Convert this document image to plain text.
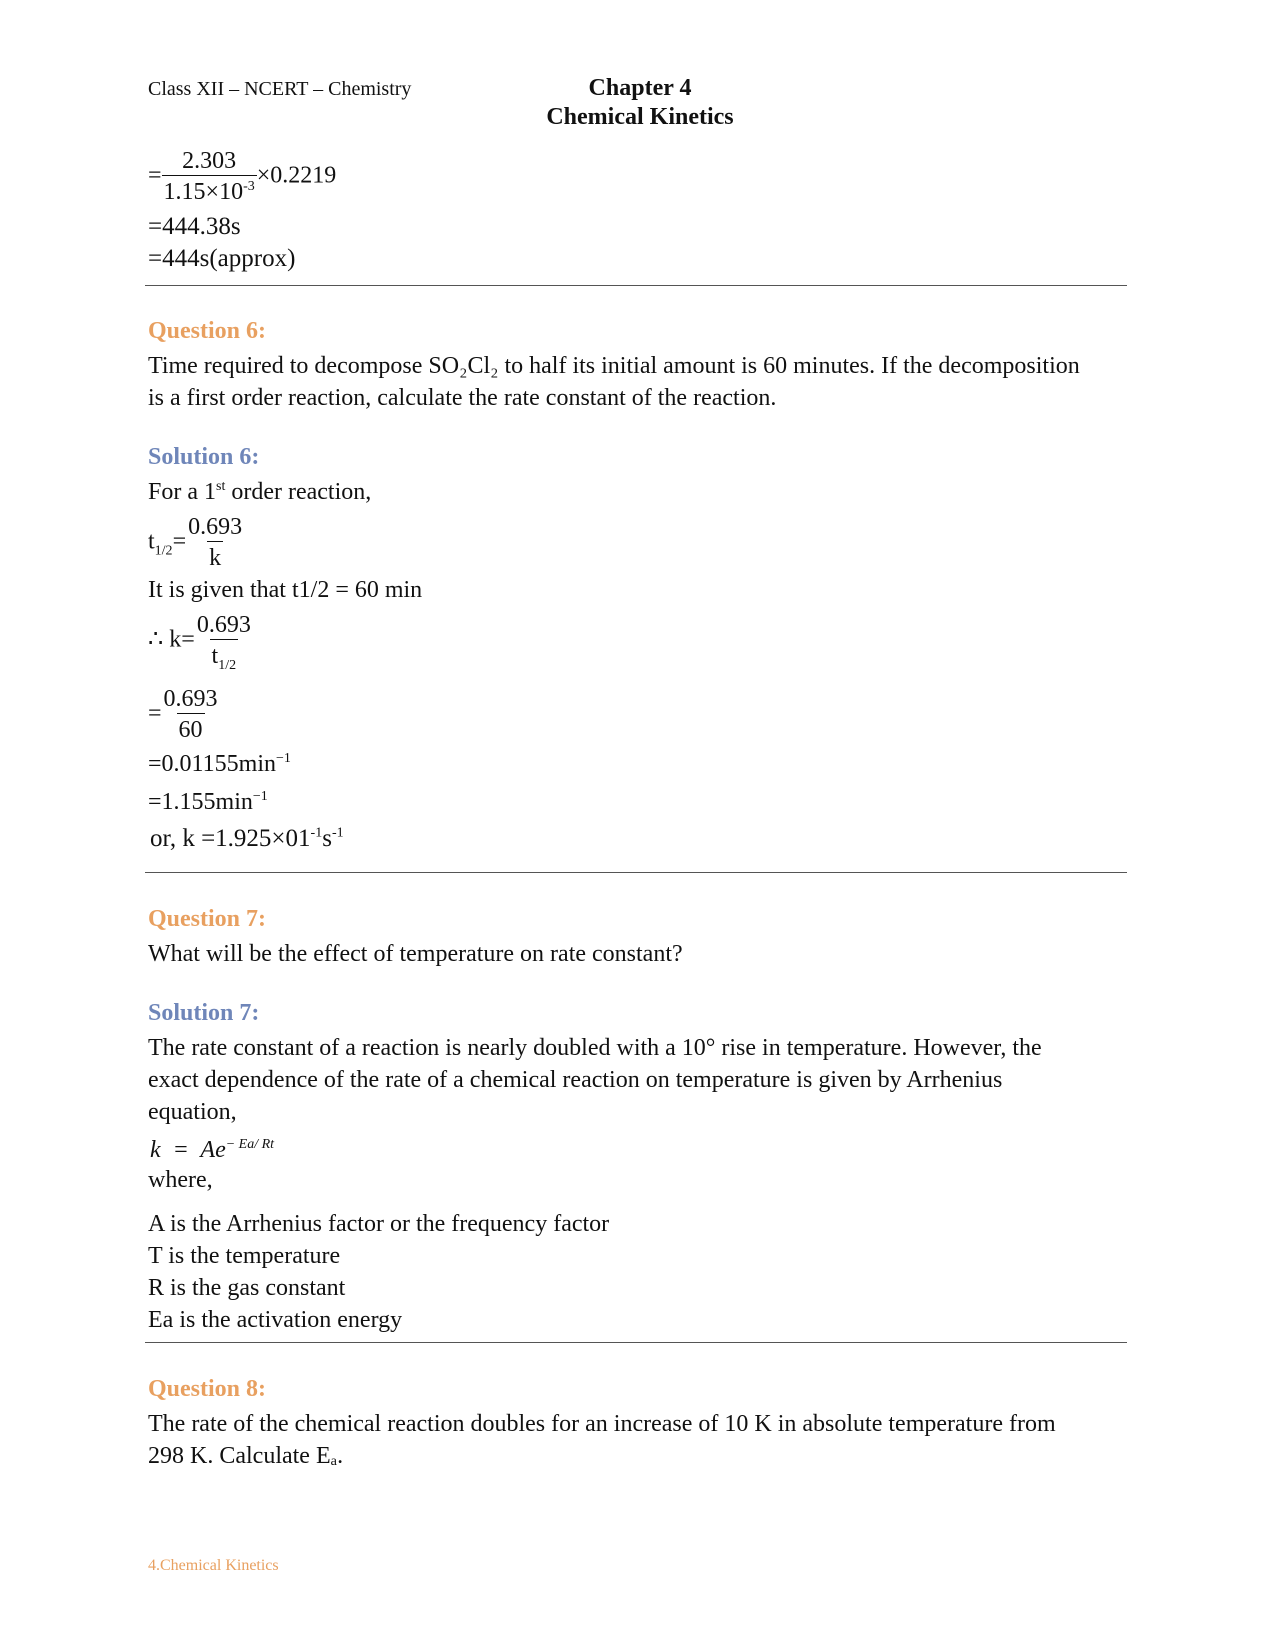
Class XII – NCERT – Chemistry	Chapter 4
Chemical Kinetics
= $\frac{2.303}{1.15\times 10^{-3}} \times 0.2219$
=444.38s
=444s(approx)
Question 6:
Time required to decompose SO₂Cl₂ to half its initial amount is 60 minutes. If the decomposition
is a first order reaction, calculate the rate constant of the reaction.
Solution 6:
For a 1st order reaction,
$t_{1/2}= \frac{0.693}{k}$
It is given that t1/2 = 60 min
∴ $k= \frac{0.693}{t_{1/2}}$
= $\frac{0.693}{60}$
$=0.01155\min^{-1}$
$=1.155\min^{-1}$
or, $k =1.925\times 01^{-1}s^{-1}$
Question 7:
What will be the effect of temperature on rate constant?
Solution 7:
The rate constant of a reaction is nearly doubled with a 10° rise in temperature. However, the
exact dependence of the rate of a chemical reaction on temperature is given by Arrhenius
equation,
$k = Ae^{- Ea/ Rt}$
where,
A is the Arrhenius factor or the frequency factor
T is the temperature
R is the gas constant
Ea is the activation energy
Question 8:
The rate of the chemical reaction doubles for an increase of 10 K in absolute temperature from
298 K. Calculate Eₐ.
4.Chemical Kinetics
